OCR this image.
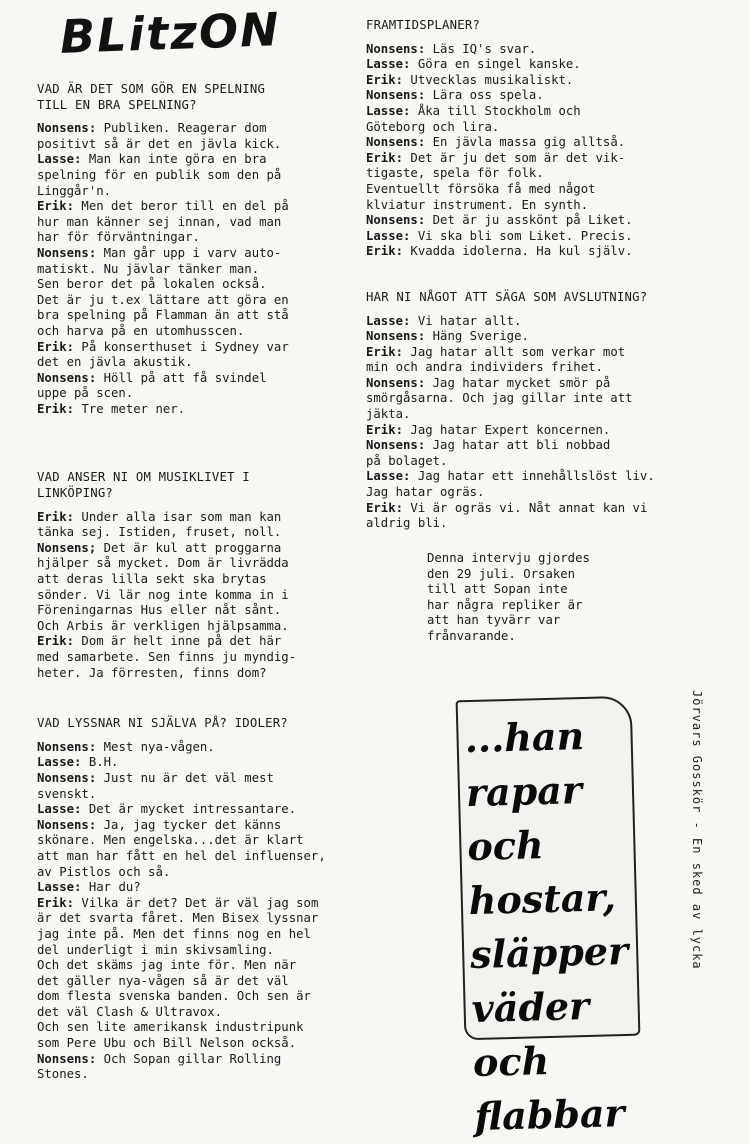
BLitzON
VAD ÄR DET SOM GÖR EN SPELNING
TILL EN BRA SPELNING?
Nonsens: Publiken. Reagerar dom
positivt så är det en jävla kick.
Lasse: Man kan inte göra en bra
spelning för en publik som den på
Linggår'n.
Erik: Men det beror till en del på
hur man känner sej innan, vad man
har för förväntningar.
Nonsens: Man går upp i varv auto-
matiskt. Nu jävlar tänker man.
Sen beror det på lokalen också.
Det är ju t.ex lättare att göra en
bra spelning på Flamman än att stå
och harva på en utomhusscen.
Erik: På konserthuset i Sydney var
det en jävla akustik.
Nonsens: Höll på att få svindel
uppe på scen.
Erik: Tre meter ner.
VAD ANSER NI OM MUSIKLIVET I
LINKÖPING?
Erik: Under alla isar som man kan
tänka sej. Istiden, fruset, noll.
Nonsens; Det är kul att proggarna
hjälper så mycket. Dom är livrädda
att deras lilla sekt ska brytas
sönder. Vi lär nog inte komma in i
Föreningarnas Hus eller nåt sånt.
Och Arbis är verkligen hjälpsamma.
Erik: Dom är helt inne på det här
med samarbete. Sen finns ju myndig-
heter. Ja förresten, finns dom?
VAD LYSSNAR NI SJÄLVA PÅ? IDOLER?
Nonsens: Mest nya-vågen.
Lasse: B.H.
Nonsens: Just nu är det väl mest
svenskt.
Lasse: Det är mycket intressantare.
Nonsens: Ja, jag tycker det känns
skönare. Men engelska...det är klart
att man har fått en hel del influenser,
av Pistlos och så.
Lasse: Har du?
Erik: Vilka är det? Det är väl jag som
är det svarta fåret. Men Bisex lyssnar
jag inte på. Men det finns nog en hel
del underligt i min skivsamling.
Och det skäms jag inte för. Men när
det gäller nya-vågen så är det väl
dom flesta svenska banden. Och sen är
det väl Clash & Ultravox.
Och sen lite amerikansk industripunk
som Pere Ubu och Bill Nelson också.
Nonsens: Och Sopan gillar Rolling
Stones.
FRAMTIDSPLANER?
Nonsens: Läs IQ's svar.
Lasse: Göra en singel kanske.
Erik: Utvecklas musikaliskt.
Nonsens: Lära oss spela.
Lasse: Åka till Stockholm och
Göteborg och lira.
Nonsens: En jävla massa gig alltså.
Erik: Det är ju det som är det vik-
tigaste, spela för folk.
Eventuellt försöka få med något
klviatur instrument. En synth.
Nonsens: Det är ju asskönt på Liket.
Lasse: Vi ska bli som Liket. Precis.
Erik: Kvadda idolerna. Ha kul själv.
HAR NI NÅGOT ATT SÄGA SOM AVSLUTNING?
Lasse: Vi hatar allt.
Nonsens: Häng Sverige.
Erik: Jag hatar allt som verkar mot
min och andra individers frihet.
Nonsens: Jag hatar mycket smör på
smörgåsarna. Och jag gillar inte att
jäkta.
Erik: Jag hatar Expert koncernen.
Nonsens: Jag hatar att bli nobbad
på bolaget.
Lasse: Jag hatar ett innehållslöst liv.
Jag hatar ogräs.
Erik: Vi är ogräs vi. Nåt annat kan vi
aldrig bli.
Denna intervju gjordes
den 29 juli. Orsaken
till att Sopan inte
har några repliker är
att han tyvärr var
frånvarande.
...han
rapar
och
hostar,
släpper
väder
och
flabbar
Jörvars Gosskör - En sked av lycka
